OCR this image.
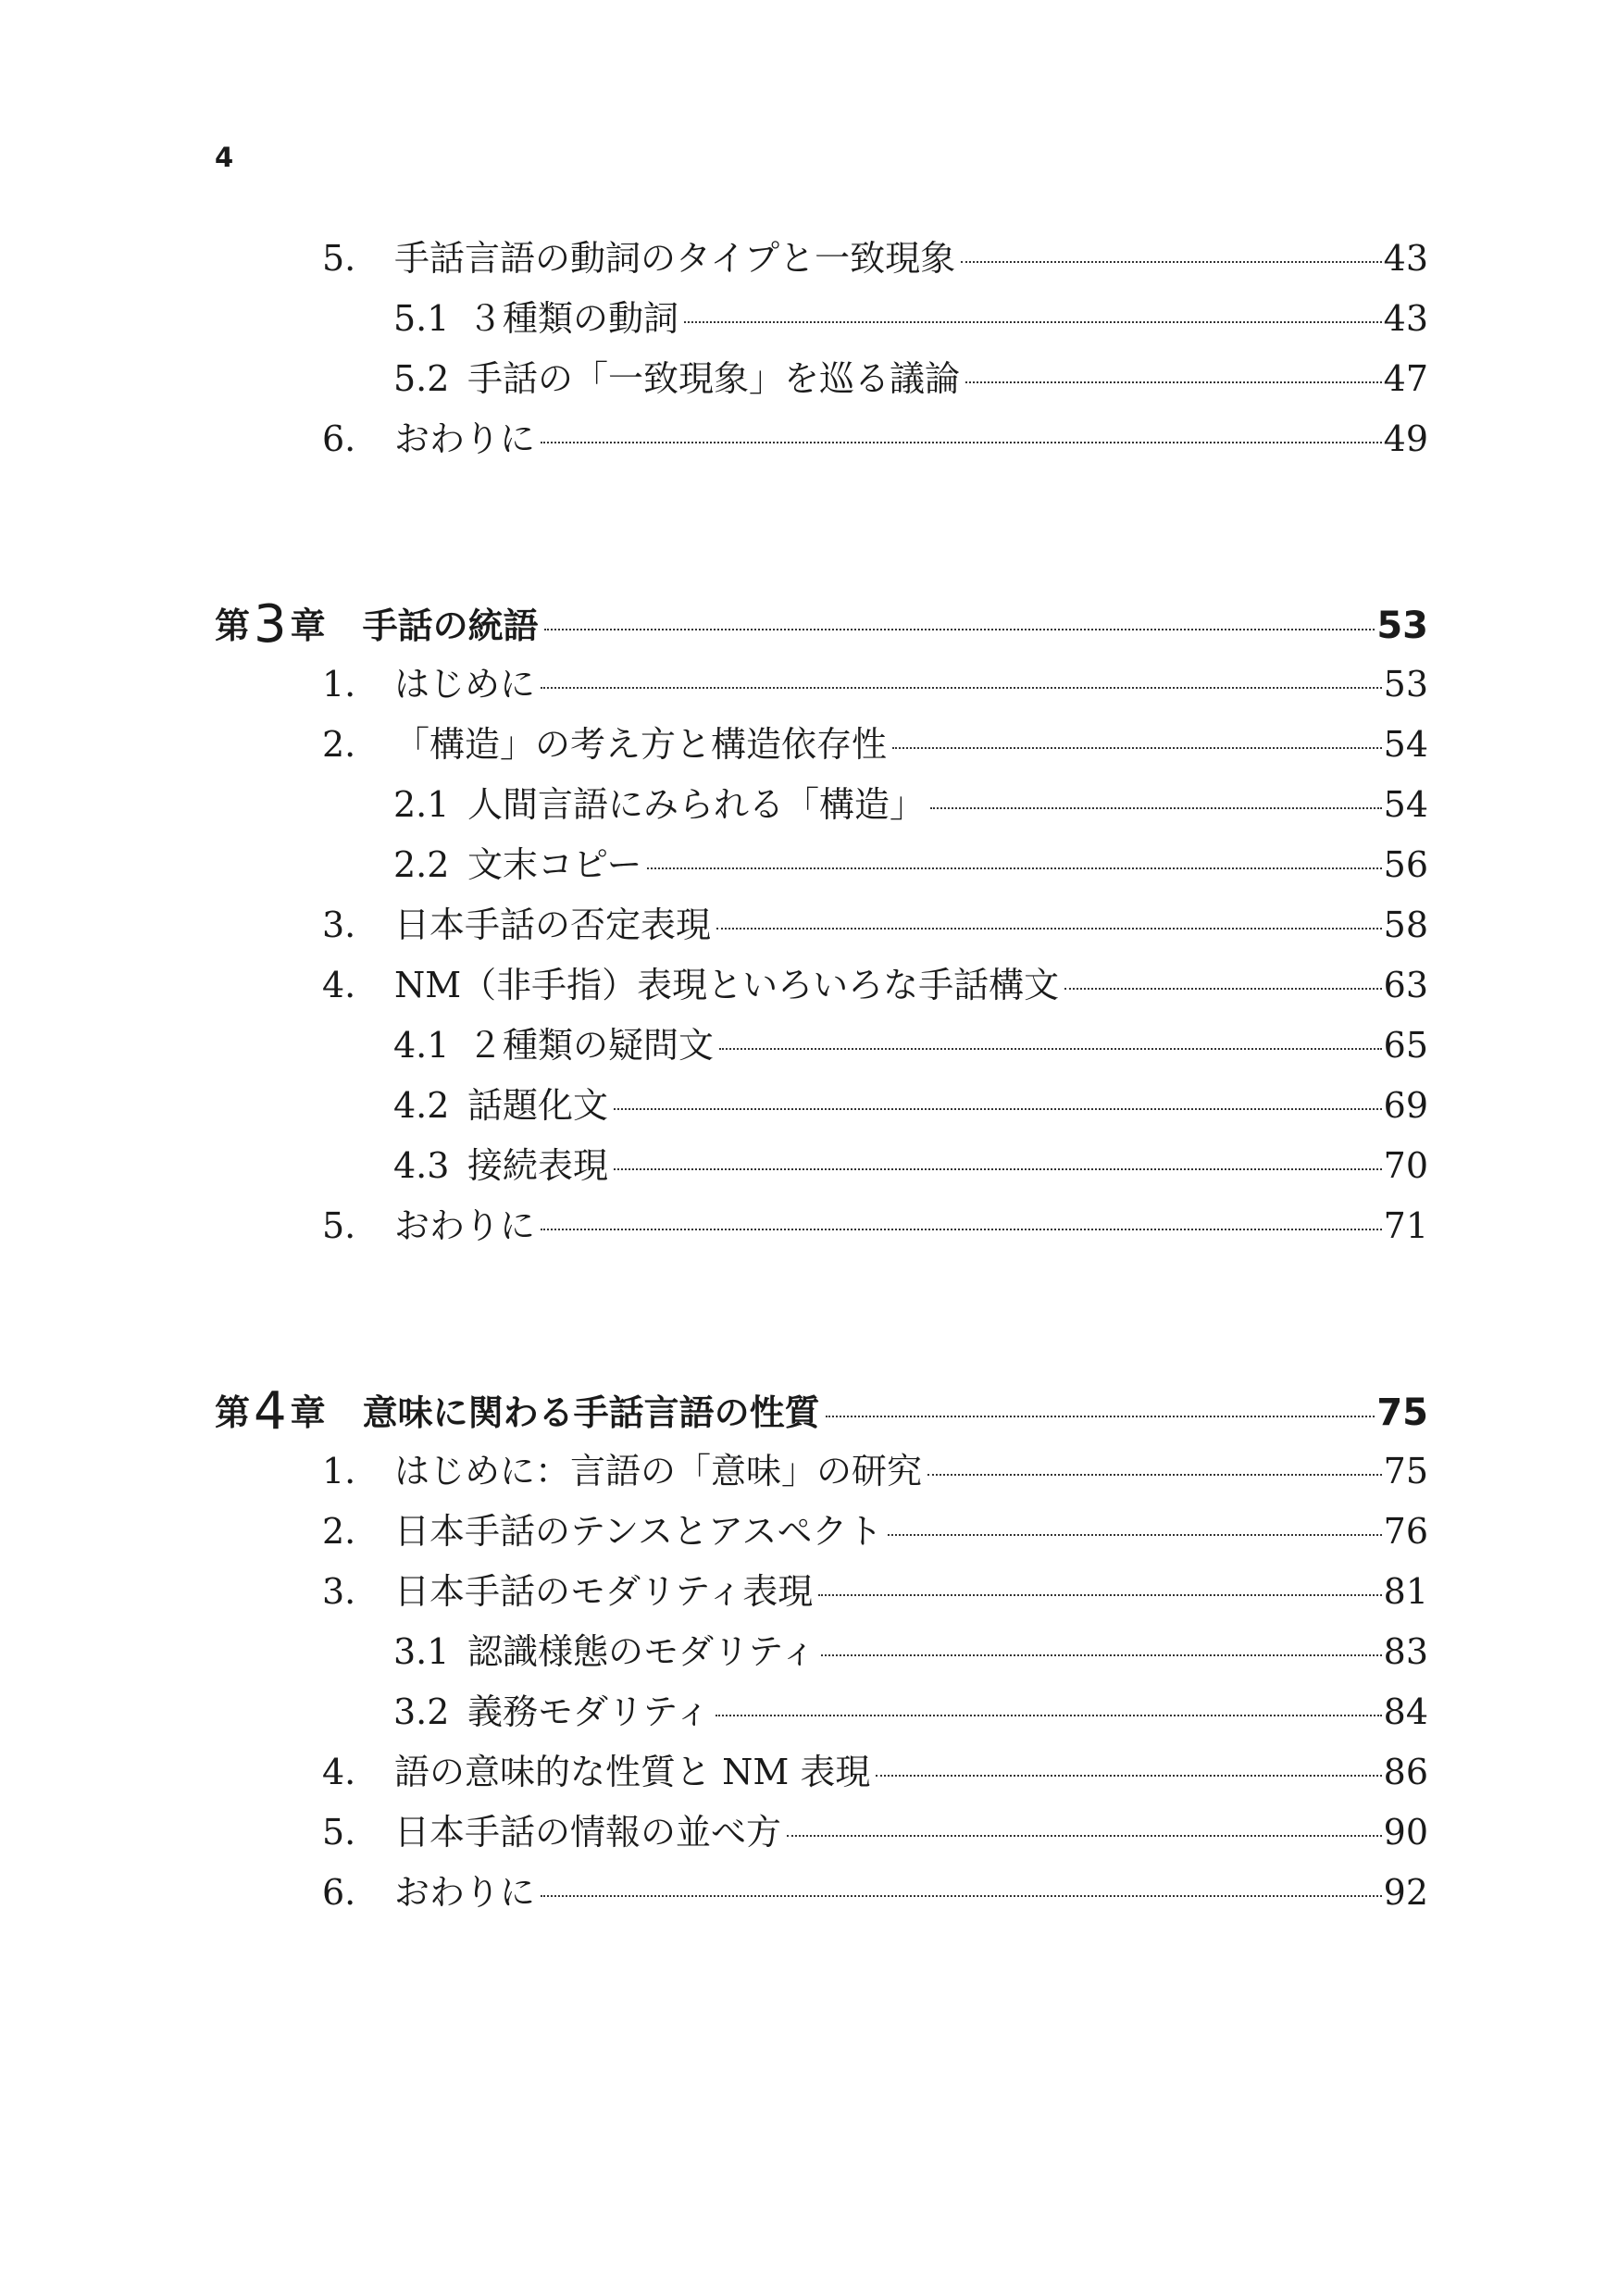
4
5.	手話言語の動詞のタイプと一致現象	43
5.1 ３種類の動詞	43
5.2 手話の「一致現象」を巡る議論	47
6.	おわりに	49
第 3 章 手話の統語	53
1.	はじめに	53
2.	「構造」の考え方と構造依存性	54
2.1 人間言語にみられる「構造」	54
2.2 文末コピー	56
3.	日本手話の否定表現	58
4.	NM（非手指）表現といろいろな手話構文	63
4.1 ２種類の疑問文	65
4.2 話題化文	69
4.3 接続表現	70
5.	おわりに	71
第 4 章 意味に関わる手話言語の性質	75
1.	はじめに：言語の「意味」の研究	75
2.	日本手話のテンスとアスペクト	76
3.	日本手話のモダリティ表現	81
3.1 認識様態のモダリティ	83
3.2 義務モダリティ	84
4.	語の意味的な性質と NM 表現	86
5.	日本手話の情報の並べ方	90
6.	おわりに	92
